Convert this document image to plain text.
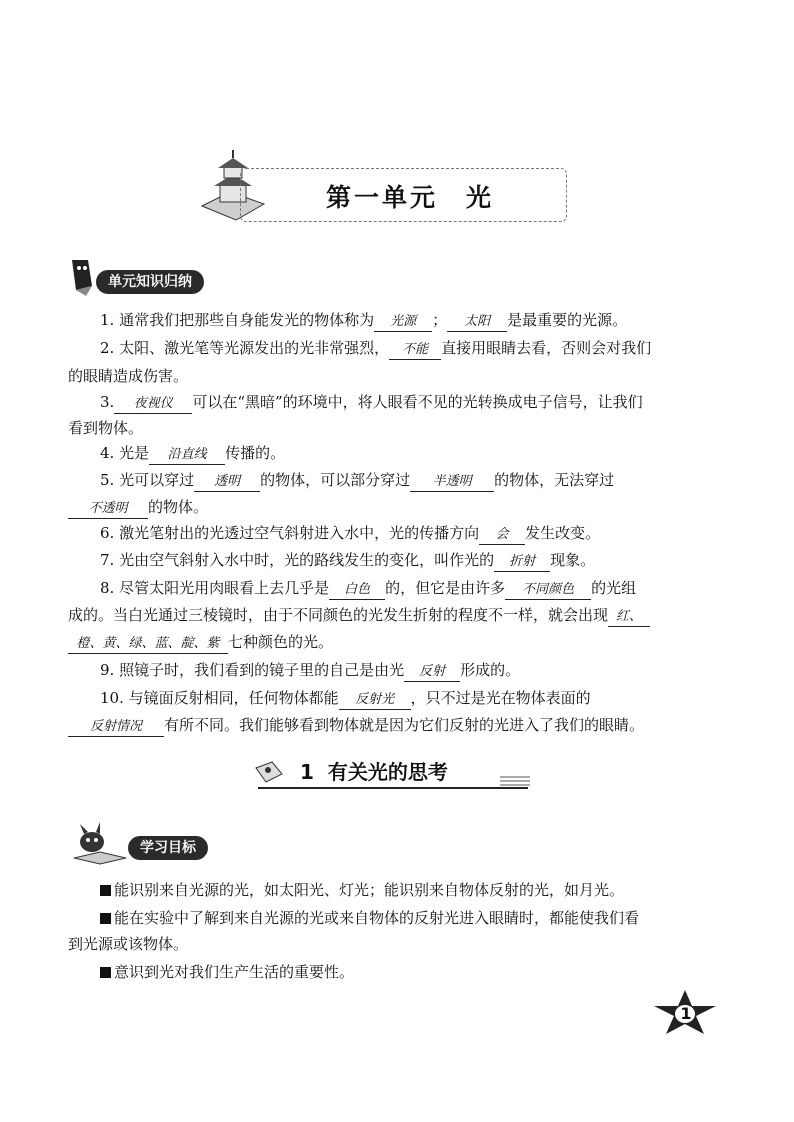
第一单元　光
单元知识归纳
1. 通常我们把那些自身能发光的物体称为 光源 ； 太阳 是最重要的光源。
2. 太阳、激光笔等光源发出的光非常强烈， 不能 直接用眼睛去看，否则会对我们
的眼睛造成伤害。
3. 夜视仪 可以在“黑暗”的环境中，将人眼看不见的光转换成电子信号，让我们
看到物体。
4. 光是 沿直线 传播的。
5. 光可以穿过 透明 的物体，可以部分穿过 半透明 的物体，无法穿过
不透明 的物体。
6. 激光笔射出的光透过空气斜射进入水中，光的传播方向 会 发生改变。
7. 光由空气斜射入水中时，光的路线发生的变化，叫作光的 折射 现象。
8. 尽管太阳光用肉眼看上去几乎是 白色 的，但它是由许多 不同颜色 的光组
成的。当白光通过三棱镜时，由于不同颜色的光发生折射的程度不一样，就会出现 红、
橙、黄、绿、蓝、靛、紫 七种颜色的光。
9. 照镜子时，我们看到的镜子里的自己是由光 反射 形成的。
10. 与镜面反射相同，任何物体都能 反射光 ，只不过是光在物体表面的
反射情况 有所不同。我们能够看到物体就是因为它们反射的光进入了我们的眼睛。
1 有关光的思考
学习目标
能识别来自光源的光，如太阳光、灯光；能识别来自物体反射的光，如月光。
能在实验中了解到来自光源的光或来自物体的反射光进入眼睛时，都能使我们看
到光源或该物体。
意识到光对我们生产生活的重要性。
1
